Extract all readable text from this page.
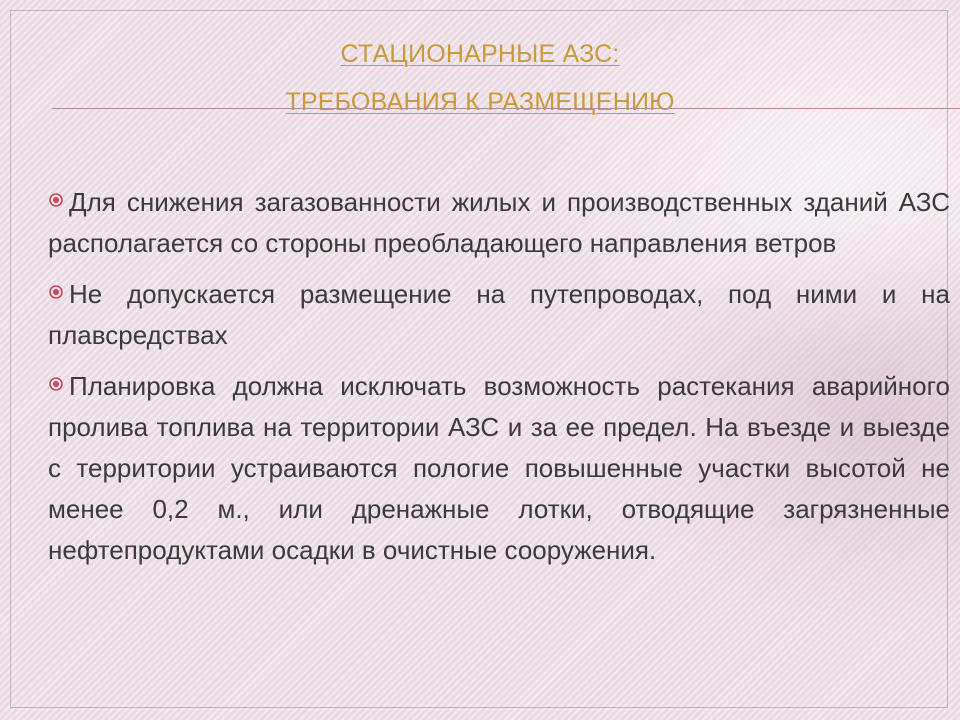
СТАЦИОНАРНЫЕ АЗС:
ТРЕБОВАНИЯ К РАЗМЕЩЕНИЮ
Для снижения загазованности жилых и производственных зданий АЗС располагается со стороны преобладающего направления ветров
Не допускается размещение на путепроводах, под ними и на плавсредствах
Планировка должна исключать возможность растекания аварийного пролива топлива на территории АЗС и за ее предел. На въезде и выезде с территории устраиваются пологие повышенные участки высотой не менее 0,2 м., или дренажные лотки, отводящие загрязненные нефтепродуктами осадки в очистные сооружения.
